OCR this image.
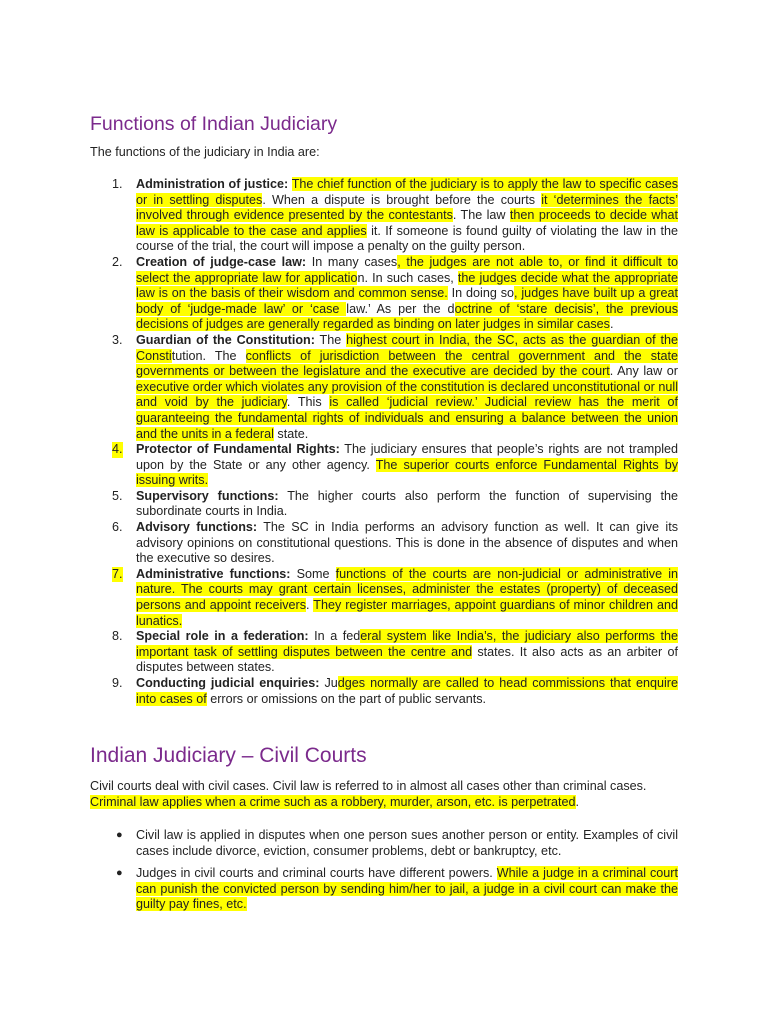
Functions of Indian Judiciary

The functions of the judiciary in India are:

1. Administration of justice: The chief function of the judiciary is to apply the law to specific cases or in settling disputes. When a dispute is brought before the courts it ‘determines the facts’ involved through evidence presented by the contestants. The law then proceeds to decide what law is applicable to the case and applies it. If someone is found guilty of violating the law in the course of the trial, the court will impose a penalty on the guilty person.
2. Creation of judge-case law: In many cases, the judges are not able to, or find it difficult to select the appropriate law for application. In such cases, the judges decide what the appropriate law is on the basis of their wisdom and common sense. In doing so, judges have built up a great body of ‘judge-made law’ or ‘case law.’ As per the doctrine of ‘stare decisis’, the previous decisions of judges are generally regarded as binding on later judges in similar cases.
3. Guardian of the Constitution: The highest court in India, the SC, acts as the guardian of the Constitution. The conflicts of jurisdiction between the central government and the state governments or between the legislature and the executive are decided by the court. Any law or executive order which violates any provision of the constitution is declared unconstitutional or null and void by the judiciary. This is called ‘judicial review.’ Judicial review has the merit of guaranteeing the fundamental rights of individuals and ensuring a balance between the union and the units in a federal state.
4. Protector of Fundamental Rights: The judiciary ensures that people’s rights are not trampled upon by the State or any other agency. The superior courts enforce Fundamental Rights by issuing writs.
5. Supervisory functions: The higher courts also perform the function of supervising the subordinate courts in India.
6. Advisory functions: The SC in India performs an advisory function as well. It can give its advisory opinions on constitutional questions. This is done in the absence of disputes and when the executive so desires.
7. Administrative functions: Some functions of the courts are non-judicial or administrative in nature. The courts may grant certain licenses, administer the estates (property) of deceased persons and appoint receivers. They register marriages, appoint guardians of minor children and lunatics.
8. Special role in a federation: In a federal system like India’s, the judiciary also performs the important task of settling disputes between the centre and states. It also acts as an arbiter of disputes between states.
9. Conducting judicial enquiries: Judges normally are called to head commissions that enquire into cases of errors or omissions on the part of public servants.
Indian Judiciary – Civil Courts

Civil courts deal with civil cases. Civil law is referred to in almost all cases other than criminal cases. Criminal law applies when a crime such as a robbery, murder, arson, etc. is perpetrated.

● Civil law is applied in disputes when one person sues another person or entity. Examples of civil cases include divorce, eviction, consumer problems, debt or bankruptcy, etc.
● Judges in civil courts and criminal courts have different powers. While a judge in a criminal court can punish the convicted person by sending him/her to jail, a judge in a civil court can make the guilty pay fines, etc.
